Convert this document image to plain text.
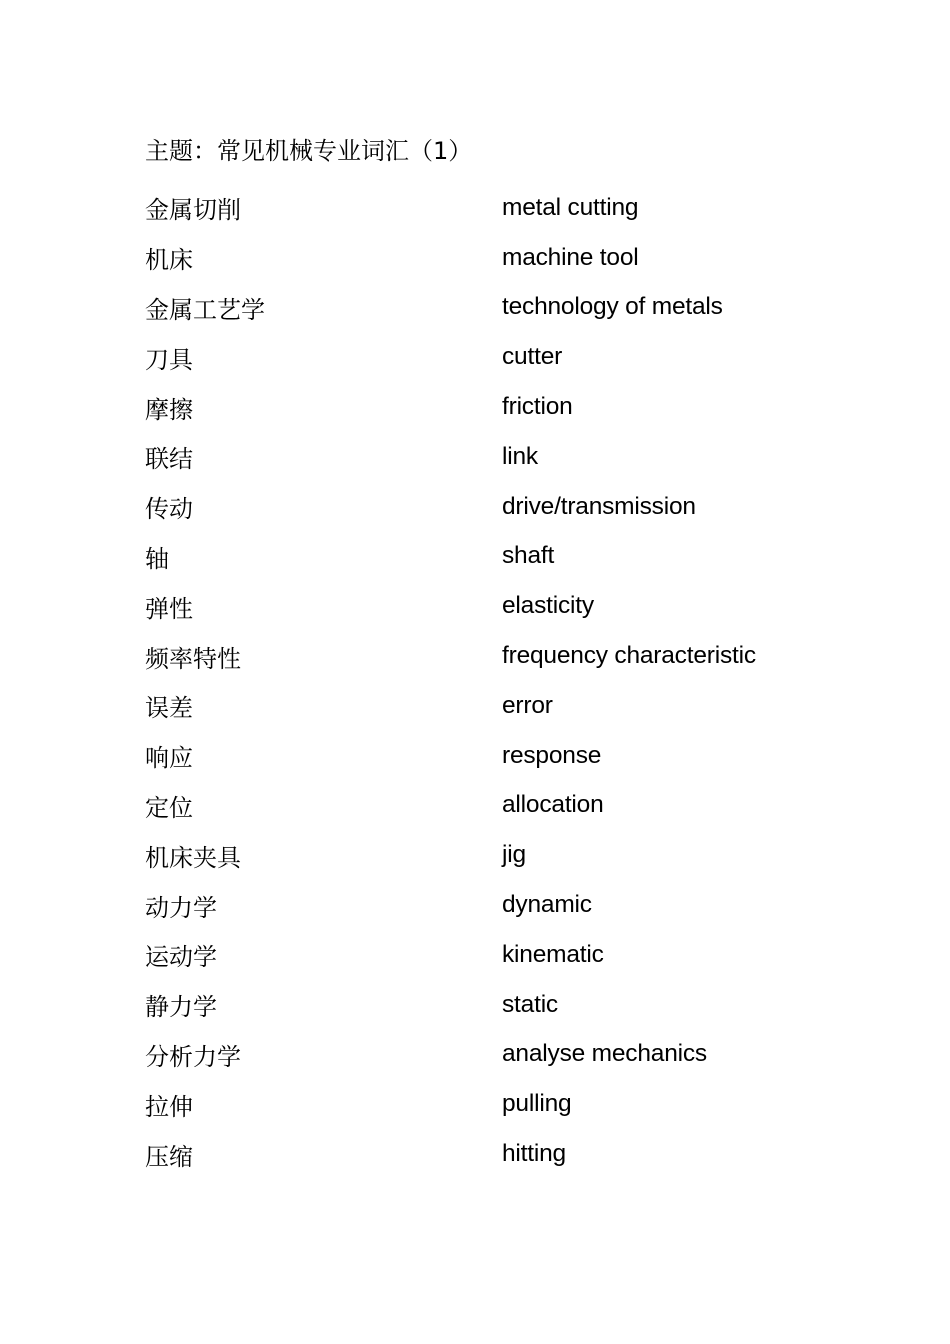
主题：常见机械专业词汇（1）
金属切削	metal cutting
机床	machine tool
金属工艺学	technology of metals
刀具	cutter
摩擦	friction
联结	link
传动	drive/transmission
轴	shaft
弹性	elasticity
频率特性	frequency characteristic
误差	error
响应	response
定位	allocation
机床夹具	jig
动力学	dynamic
运动学	kinematic
静力学	static
分析力学	analyse mechanics
拉伸	pulling
压缩	hitting
